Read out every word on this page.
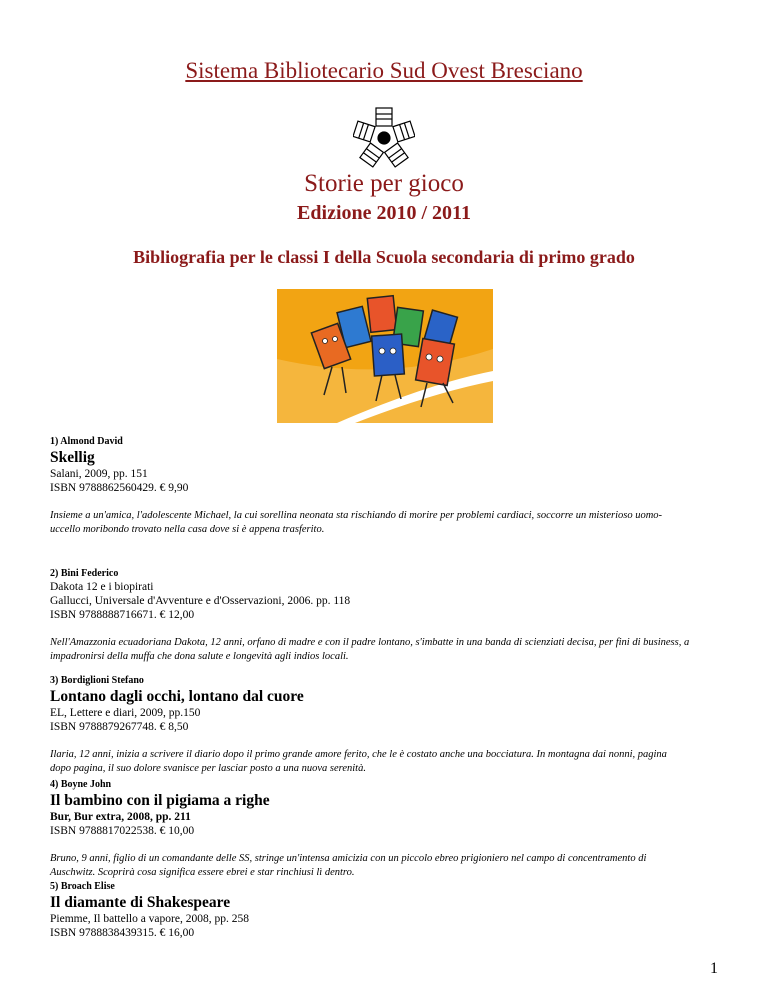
Sistema Bibliotecario Sud Ovest Bresciano
Storie per gioco
Edizione 2010 / 2011
Bibliografia per le classi I della Scuola secondaria di primo grado
1) Almond David
Skellig
Salani, 2009, pp. 151
ISBN 9788862560429. € 9,90
Insieme a un'amica, l'adolescente Michael, la cui sorellina neonata sta rischiando di morire per problemi cardiaci, soccorre un misterioso uomo-uccello moribondo trovato nella casa dove si è appena trasferito.
2) Bini Federico
Dakota 12 e i biopirati
Gallucci, Universale d'Avventure e d'Osservazioni, 2006. pp. 118
ISBN 9788888716671. € 12,00
Nell'Amazzonia ecuadoriana Dakota, 12 anni, orfano di madre e con il padre lontano, s'imbatte in una banda di scienziati decisa, per fini di business, a impadronirsi della muffa che dona salute e longevità agli indios locali.
3) Bordiglioni Stefano
Lontano dagli occhi, lontano dal cuore
EL, Lettere e diari, 2009, pp.150
ISBN 9788879267748. € 8,50
Ilaria, 12 anni, inizia a scrivere il diario dopo il primo grande amore ferito, che le è costato anche una bocciatura. In montagna dai nonni, pagina dopo pagina, il suo dolore svanisce per lasciar posto a una nuova serenità.
4) Boyne John
Il bambino con il pigiama a righe
Bur, Bur extra, 2008, pp. 211
ISBN 9788817022538. € 10,00
Bruno, 9 anni, figlio di un comandante delle SS, stringe un'intensa amicizia con un piccolo ebreo prigioniero nel campo di concentramento di Auschwitz. Scoprirà cosa significa essere ebrei e star rinchiusi lì dentro.
5) Broach Elise
Il diamante di Shakespeare
Piemme, Il battello a vapore, 2008, pp. 258
ISBN 9788838439315. € 16,00
1
